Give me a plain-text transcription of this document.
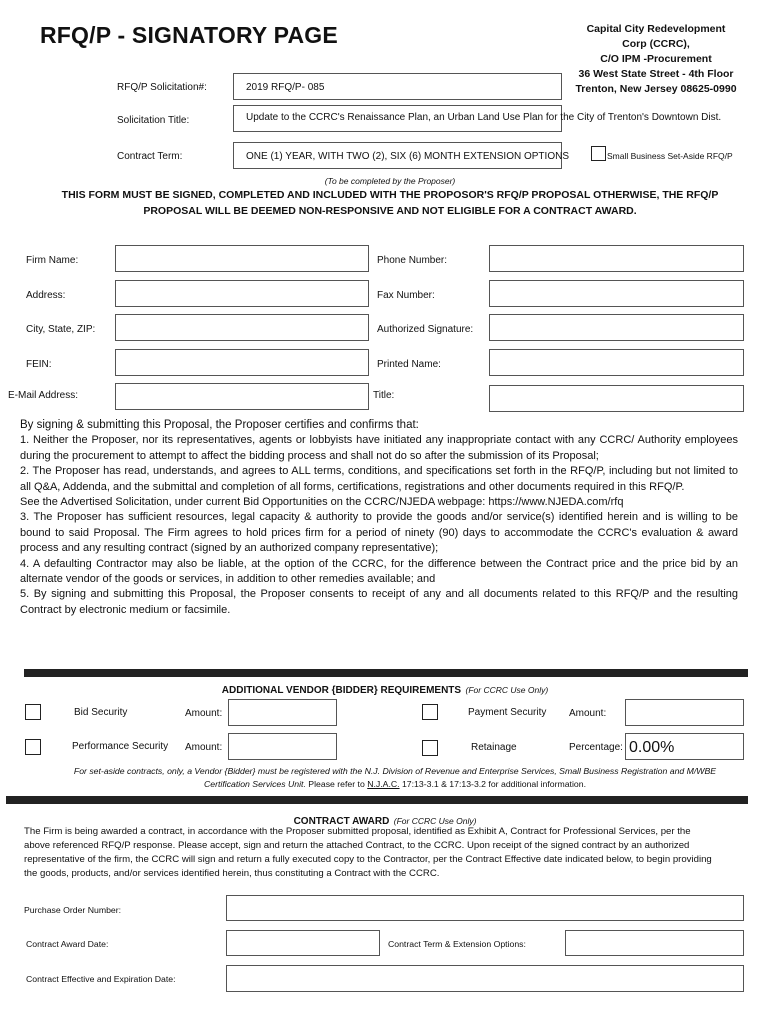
RFQ/P - SIGNATORY PAGE	Capital City Redevelopment
Corp (CCRC),
C/O IPM -Procurement
36 West State Street - 4th Floor
Trenton, New Jersey 08625-0990
RFQ/P Solicitation#:	2019 RFQ/P- 085
Solicitation Title:	Update to the CCRC's Renaissance Plan, an Urban Land Use Plan for the City of Trenton's Downtown Dist.
Contract Term:	ONE (1) YEAR, WITH TWO (2), SIX (6) MONTH EXTENSION OPTIONS	Small Business Set-Aside RFQ/P
(To be completed by the Proposer)
THIS FORM MUST BE SIGNED, COMPLETED AND INCLUDED WITH THE PROPOSOR'S RFQ/P PROPOSAL OTHERWISE, THE RFQ/P PROPOSAL WILL BE DEEMED NON-RESPONSIVE AND NOT ELIGIBLE FOR A CONTRACT AWARD.
Firm Name:	Phone Number:
Address:	Fax Number:
City, State, ZIP:	Authorized Signature:
FEIN:	Printed Name:
E-Mail Address:	Title:

By signing & submitting this Proposal, the Proposer certifies and confirms that:

1. Neither the Proposer, nor its representatives, agents or lobbyists have initiated any inappropriate contact with any CCRC/ Authority employees during the procurement to attempt to affect the bidding process and shall not do so after the submission of its Proposal;

2. The Proposer has read, understands, and agrees to ALL terms, conditions, and specifications set forth in the RFQ/P, including but not limited to all Q&A, Addenda, and the submittal and completion of all forms, certifications, registrations and other documents required in this RFQ/P.

See the Advertised Solicitation, under current Bid Opportunities on the CCRC/NJEDA webpage: https://www.NJEDA.com/rfq

3. The Proposer has sufficient resources, legal capacity & authority to provide the goods and/or service(s) identified herein and is willing to be bound to said Proposal. The Firm agrees to hold prices firm for a period of ninety (90) days to accommodate the CCRC's evaluation & award process and any resulting contract (signed by an authorized company representative);

4. A defaulting Contractor may also be liable, at the option of the CCRC, for the difference between the Contract price and the price bid by an alternate vendor of the goods or services, in addition to other remedies available; and

5. By signing and submitting this Proposal, the Proposer consents to receipt of any and all documents related to this RFQ/P and the resulting Contract by electronic medium or facsimile.

ADDITIONAL VENDOR {BIDDER} REQUIREMENTS (For CCRC Use Only)
Bid Security	Amount:	Payment Security Amount:
Performance Security Amount:	Retainage	Percentage: 0.00%
For set-aside contracts, only, a Vendor {Bidder} must be registered with the N.J. Division of Revenue and Enterprise Services, Small Business Registration and M/WBE Certification Services Unit. Please refer to N.J.A.C. 17:13-3.1 & 17:13-3.2 for additional information.
CONTRACT AWARD (For CCRC Use Only)

The Firm is being awarded a contract, in accordance with the Proposer submitted proposal, identified as Exhibit A, Contract for Professional Services, per the above referenced RFQ/P response. Please accept, sign and return the attached Contract, to the CCRC. Upon receipt of the signed contract by an authorized representative of the firm, the CCRC will sign and return a fully executed copy to the Contractor, per the Contract Effective date indicated below, to begin providing the goods, products, and/or services identified herein, thus constituting a Contract with the CCRC.

Purchase Order Number:
Contract Award Date:	Contract Term & Extension Options:
Contract Effective and Expiration Date:
